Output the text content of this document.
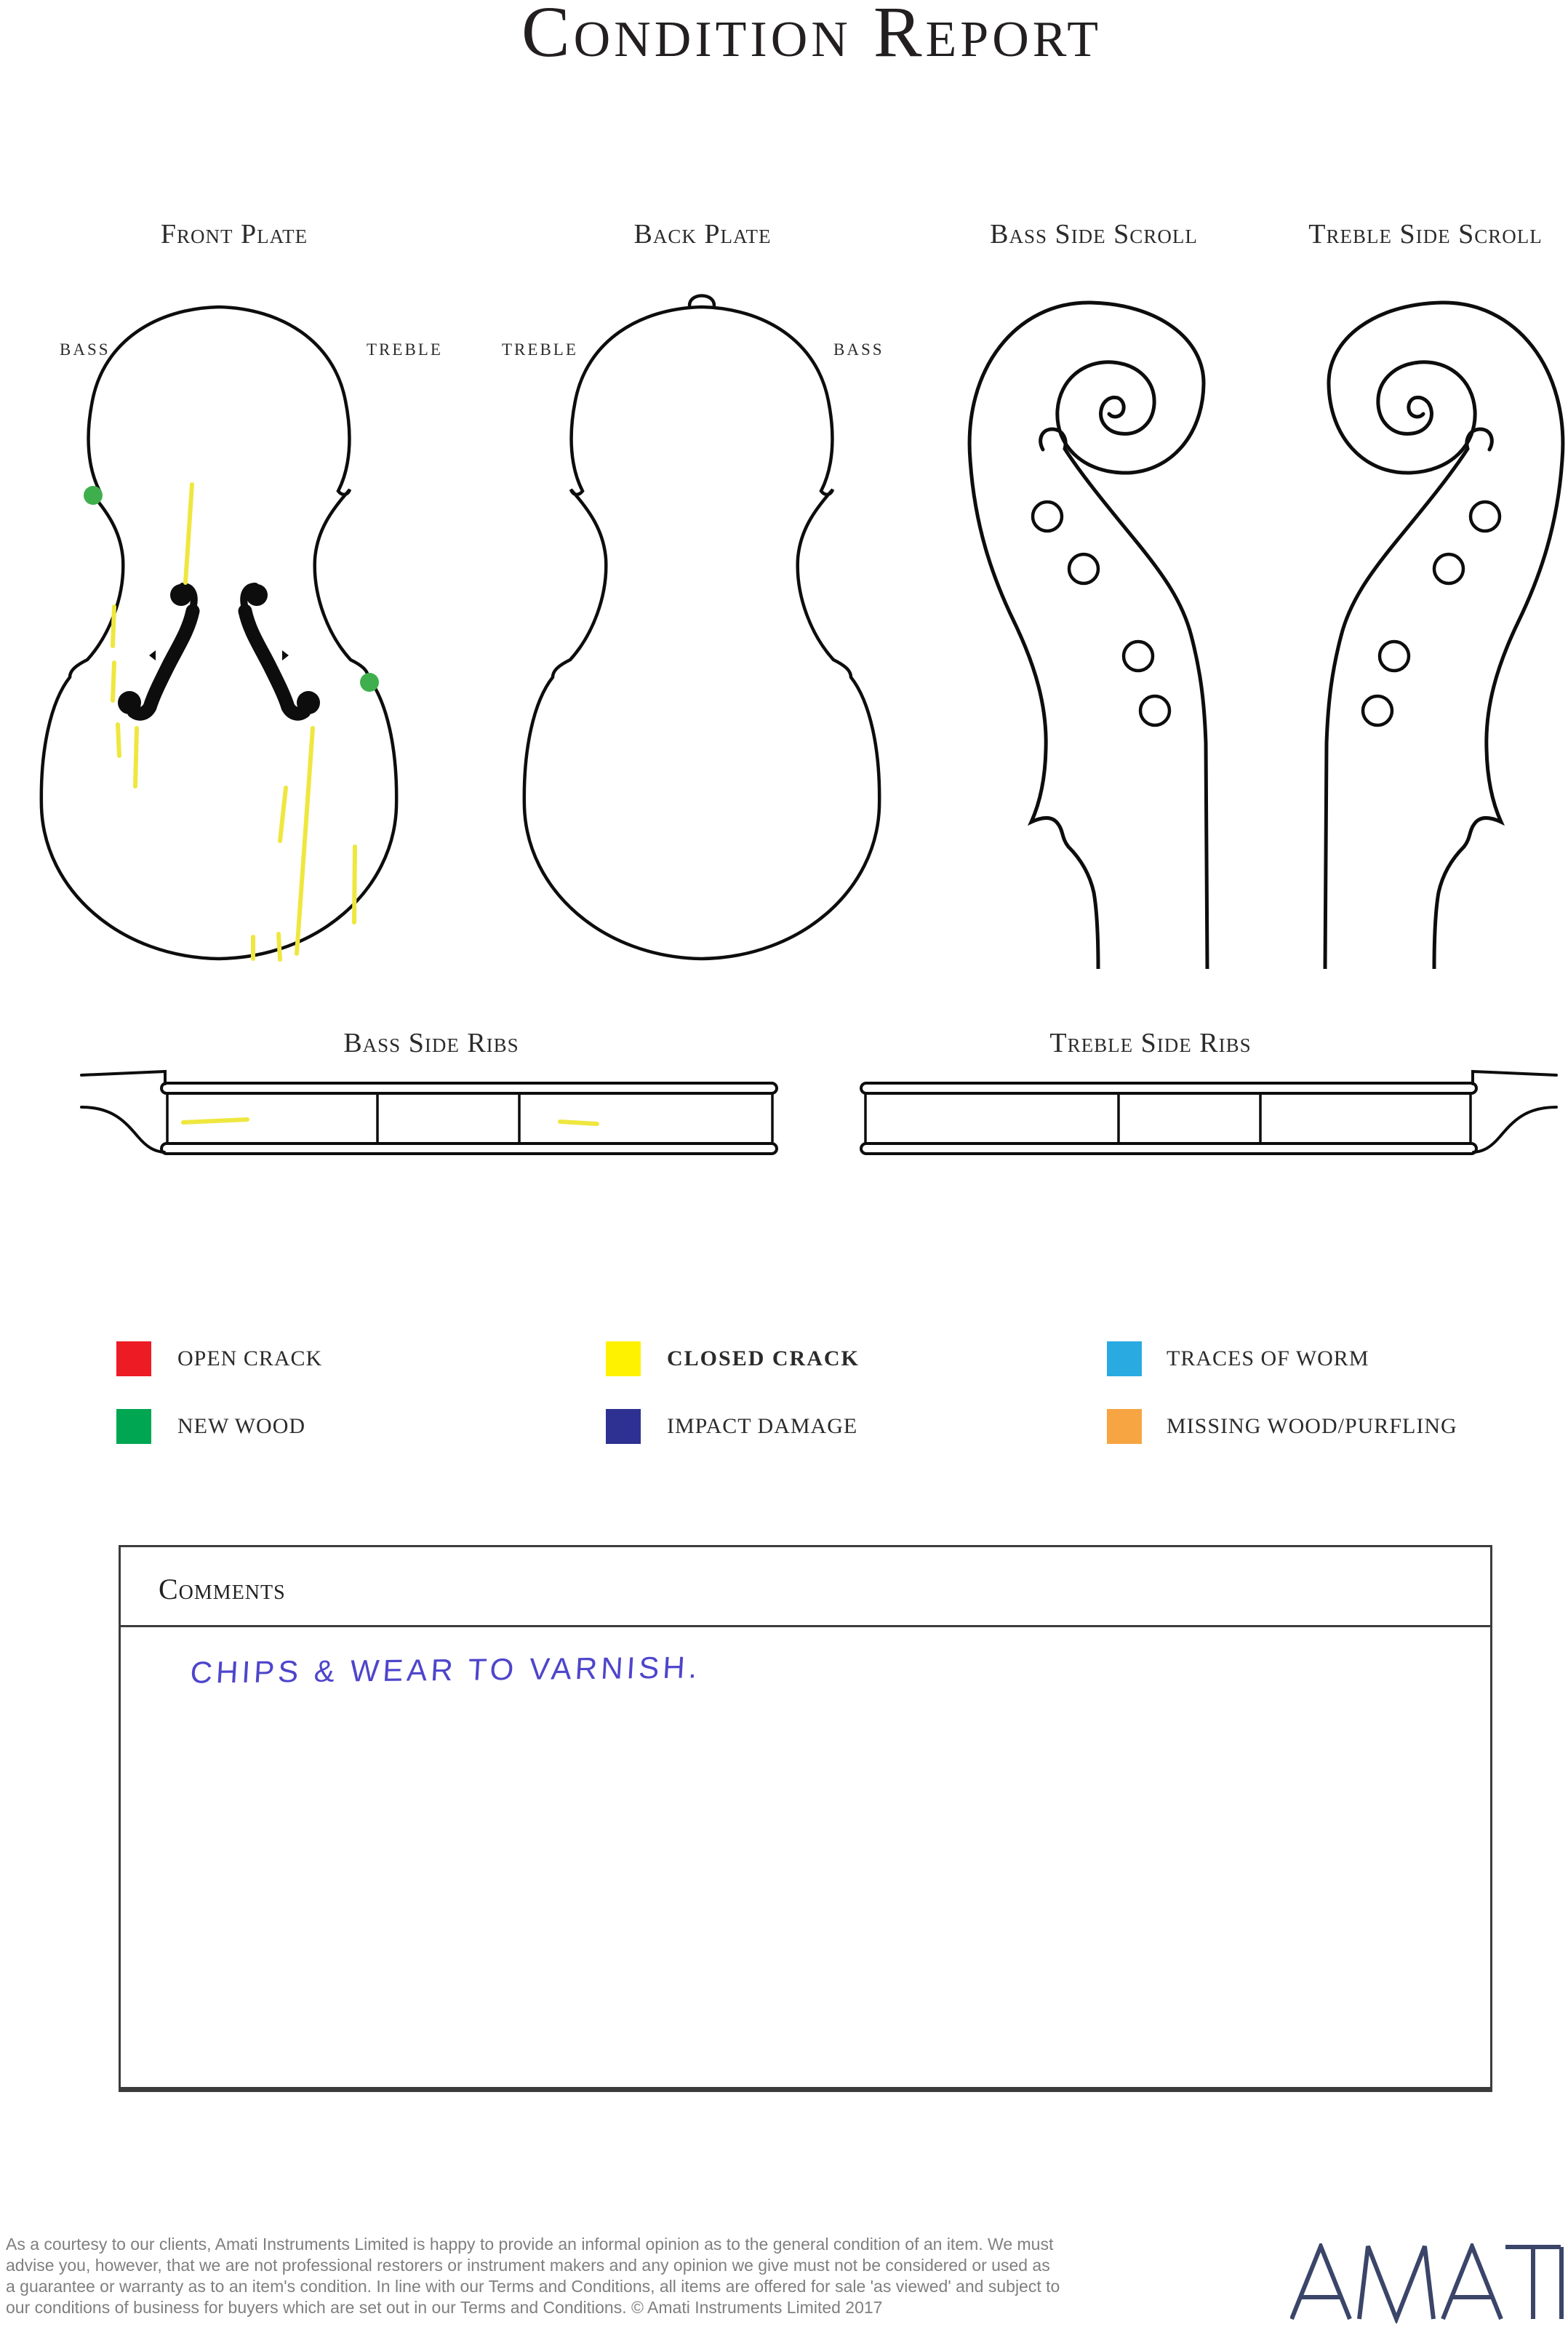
Condition Report
Front Plate	Back Plate	Bass Side Scroll	Treble Side Scroll
BASS	TREBLE	TREBLE	BASS
Bass Side Ribs	Treble Side Ribs
OPEN CRACK	CLOSED CRACK	TRACES OF WORM
NEW WOOD	IMPACT DAMAGE	MISSING WOOD/PURFLING
Comments
CHIPS & WEAR TO VARNISH.
As a courtesy to our clients, Amati Instruments Limited is happy to provide an informal opinion as to the general condition of an item. We must
advise you, however, that we are not professional restorers or instrument makers and any opinion we give must not be considered or used as
a guarantee or warranty as to an item's condition. In line with our Terms and Conditions, all items are offered for sale 'as viewed' and subject to
our conditions of business for buyers which are set out in our Terms and Conditions. © Amati Instruments Limited 2017
